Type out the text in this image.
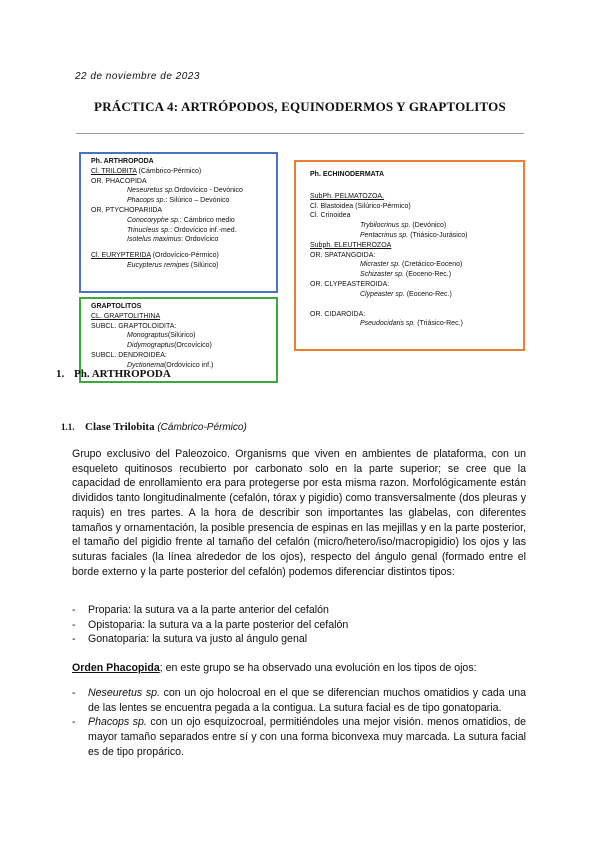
22 de noviembre de 2023
PRÁCTICA 4: ARTRÓPODOS, EQUINODERMOS Y GRAPTOLITOS
Ph. ARTHROPODA
Cl. TRILOBITA (Cámbrico-Pérmico)
OR. PHACOPIDA
Neseuretus sp.Ordovícico - Devónico
Phacops sp.: Silúrico – Devónico
OR. PTYCHOPARIIDA
Conocoryphe sp.: Cámbrico medio
Trinucleus sp.: Ordovícico inf.-med.
Isotelus maximus: Ordovícico
Cl. EURYPTERIDA (Ordovícico-Pérmico)
Eucypterus remipes (Silúrico)
GRAPTOLITOS
CL. GRAPTOLITHINA
SUBCL. GRAPTOLOIDITA:
Monograptus(Silúrico)
Didymograptus(Orcovícico)
SUBCL. DENDROIDEA:
Dyctionema(Ordovícico inf.)
Ph. ECHINODERMATA
SubPh. PELMATOZOA.
Cl. Blastoidea (Silúrico-Pérmico)
Cl. Crinoidea
Trybilocrinus sp. (Devónico)
Pentacrinus sp. (Triásico-Jurásico)
Subph. ELEUTHEROZOA
OR. SPATANGOIDA:
Micraster sp. (Cretácico-Eoceno)
Schizaster sp. (Eoceno-Rec.)
OR. CLYPEASTEROIDA:
Clypeaster sp. (Eoceno-Rec.)
OR. CIDAROIDA:
Pseudocidaris sp. (Triásico-Rec.)
1. Ph. ARTHROPODA
1.1. Clase Trilobita (Cámbrico-Pérmico)
Grupo exclusivo del Paleozoico. Organisms que viven en ambientes de plataforma, con un esqueleto quitinosos recubierto por carbonato solo en la parte superior; se cree que la capacidad de enrollamiento era para protegerse por esta misma razon. Morfológicamente están divididos tanto longitudinalmente (cefalón, tórax y pigidio) como transversalmente (dos pleuras y raquis) en tres partes. A la hora de describir son importantes las glabelas, con diferentes tamaños y ornamentación, la posible presencia de espinas en las mejillas y en la parte posterior, el tamaño del pigidio frente al tamaño del cefalón (micro/hetero/iso/macropigidio) los ojos y las suturas faciales (la línea alrededor de los ojos), respecto del ángulo genal (formado entre el borde externo y la parte posterior del cefalón) podemos diferenciar distintos tipos:
- Proparia: la sutura va a la parte anterior del cefalón
- Opistoparia: la sutura va a la parte posterior del cefalón
- Gonatoparia: la sutura va justo al ángulo genal
Orden Phacopida; en este grupo se ha observado una evolución en los tipos de ojos:
- Neseuretus sp. con un ojo holocroal en el que se diferencian muchos omatidios y cada una de las lentes se encuentra pegada a la contigua. La sutura facial es de tipo gonatoparia.
- Phacops sp. con un ojo esquizocroal, permitiéndoles una mejor visión. menos omatidios, de mayor tamaño separados entre sí y con una forma biconvexa muy marcada. La sutura facial es de tipo propárico.
